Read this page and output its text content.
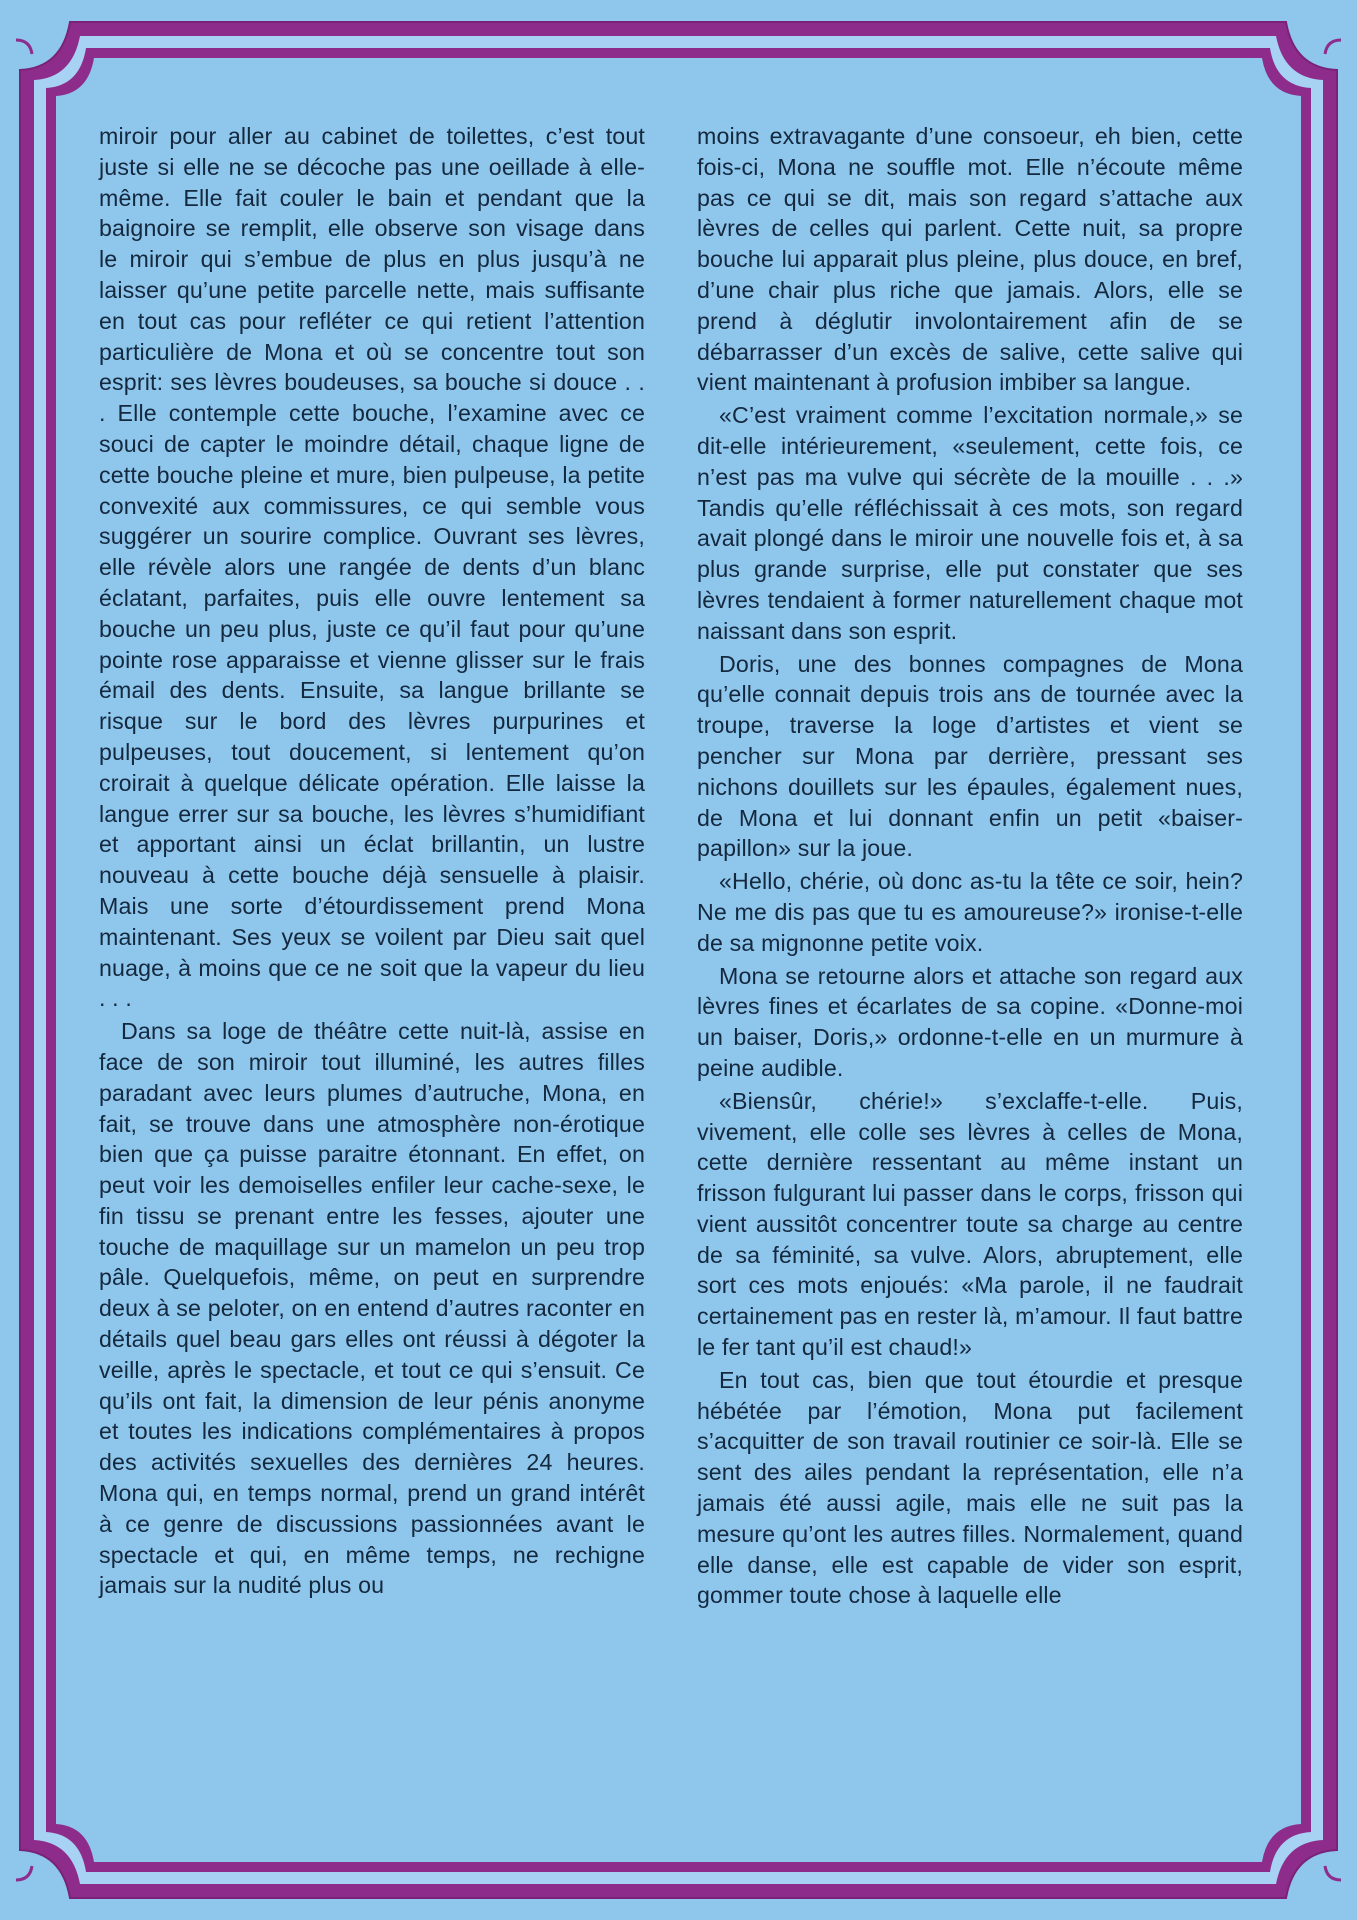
miroir pour aller au cabinet de toilettes, c’est tout juste si elle ne se décoche pas une oeillade à elle-même. Elle fait couler le bain et pendant que la baignoire se remplit, elle observe son visage dans le miroir qui s’embue de plus en plus jusqu’à ne laisser qu’une petite parcelle nette, mais suffisante en tout cas pour refléter ce qui retient l’attention particulière de Mona et où se concentre tout son esprit: ses lèvres boudeuses, sa bouche si douce . . . Elle contemple cette bouche, l’examine avec ce souci de capter le moindre détail, chaque ligne de cette bouche pleine et mure, bien pulpeuse, la petite convexité aux commissures, ce qui semble vous suggérer un sourire complice. Ouvrant ses lèvres, elle révèle alors une rangée de dents d’un blanc éclatant, parfaites, puis elle ouvre lentement sa bouche un peu plus, juste ce qu’il faut pour qu’une pointe rose apparaisse et vienne glisser sur le frais émail des dents. Ensuite, sa langue brillante se risque sur le bord des lèvres purpurines et pulpeuses, tout doucement, si lentement qu’on croirait à quelque délicate opération. Elle laisse la langue errer sur sa bouche, les lèvres s’humidifiant et apportant ainsi un éclat brillantin, un lustre nouveau à cette bouche déjà sensuelle à plaisir. Mais une sorte d’étourdissement prend Mona maintenant. Ses yeux se voilent par Dieu sait quel nuage, à moins que ce ne soit que la vapeur du lieu . . .

Dans sa loge de théâtre cette nuit-là, assise en face de son miroir tout illuminé, les autres filles paradant avec leurs plumes d’autruche, Mona, en fait, se trouve dans une atmosphère non-érotique bien que ça puisse paraitre étonnant. En effet, on peut voir les demoiselles enfiler leur cache-sexe, le fin tissu se prenant entre les fesses, ajouter une touche de maquillage sur un mamelon un peu trop pâle. Quelquefois, même, on peut en surprendre deux à se peloter, on en entend d’autres raconter en détails quel beau gars elles ont réussi à dégoter la veille, après le spectacle, et tout ce qui s’ensuit. Ce qu’ils ont fait, la dimension de leur pénis anonyme et toutes les indications complémentaires à propos des activités sexuelles des dernières 24 heures. Mona qui, en temps normal, prend un grand intérêt à ce genre de discussions passionnées avant le spectacle et qui, en même temps, ne rechigne jamais sur la nudité plus ou

moins extravagante d’une consoeur, eh bien, cette fois-ci, Mona ne souffle mot. Elle n’écoute même pas ce qui se dit, mais son regard s’attache aux lèvres de celles qui parlent. Cette nuit, sa propre bouche lui apparait plus pleine, plus douce, en bref, d’une chair plus riche que jamais. Alors, elle se prend à déglutir involontairement afin de se débarrasser d’un excès de salive, cette salive qui vient maintenant à profusion imbiber sa langue.

«C’est vraiment comme l’excitation normale,» se dit-elle intérieurement, «seulement, cette fois, ce n’est pas ma vulve qui sécrète de la mouille . . .» Tandis qu’elle réfléchissait à ces mots, son regard avait plongé dans le miroir une nouvelle fois et, à sa plus grande surprise, elle put constater que ses lèvres tendaient à former naturellement chaque mot naissant dans son esprit.

Doris, une des bonnes compagnes de Mona qu’elle connait depuis trois ans de tournée avec la troupe, traverse la loge d’artistes et vient se pencher sur Mona par derrière, pressant ses nichons douillets sur les épaules, également nues, de Mona et lui donnant enfin un petit «baiser-papillon» sur la joue.

«Hello, chérie, où donc as-tu la tête ce soir, hein? Ne me dis pas que tu es amoureuse?» ironise-t-elle de sa mignonne petite voix.

Mona se retourne alors et attache son regard aux lèvres fines et écarlates de sa copine. «Donne-moi un baiser, Doris,» ordonne-t-elle en un murmure à peine audible.

«Biensûr, chérie!» s’exclaffe-t-elle. Puis, vivement, elle colle ses lèvres à celles de Mona, cette dernière ressentant au même instant un frisson fulgurant lui passer dans le corps, frisson qui vient aussitôt concentrer toute sa charge au centre de sa féminité, sa vulve. Alors, abruptement, elle sort ces mots enjoués: «Ma parole, il ne faudrait certainement pas en rester là, m’amour. Il faut battre le fer tant qu’il est chaud!»

En tout cas, bien que tout étourdie et presque hébétée par l’émotion, Mona put facilement s’acquitter de son travail routinier ce soir-là. Elle se sent des ailes pendant la représentation, elle n’a jamais été aussi agile, mais elle ne suit pas la mesure qu’ont les autres filles. Normalement, quand elle danse, elle est capable de vider son esprit, gommer toute chose à laquelle elle
